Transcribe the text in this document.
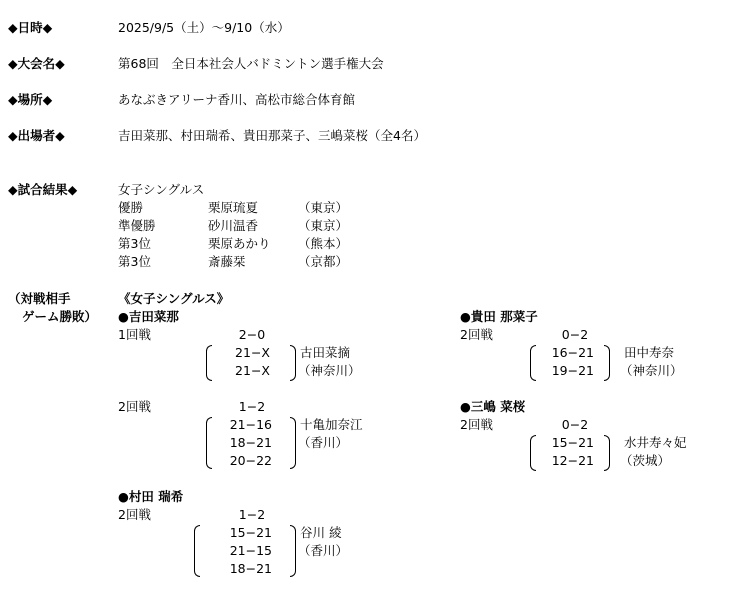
◆日時◆	2025/9/5（土）～9/10（水）
◆大会名◆	第68回　全日本社会人バドミントン選手権大会
◆場所◆	あなぶきアリーナ香川、高松市総合体育館
◆出場者◆	吉田菜那、村田瑞希、貴田那菜子、三嶋菜桜（全4名）
◆試合結果◆	女子シングルス
優勝	栗原琉夏	（東京）
準優勝	砂川温香	（東京）
第3位	栗原あかり （熊本）
第3位	斎藤栞	（京都）
（対戦相手
ゲーム勝敗）
《女子シングルス》
●吉田菜那
1回戦	2−0
21−X
21−X
古田菜摘
（神奈川）
2回戦	1−2
21−16
18−21
20−22
十亀加奈江
（香川）
●貴田 那菜子
2回戦	0−2
16−21
19−21
田中寿奈
（神奈川）
●三嶋 菜桜
2回戦	0−2
15−21
12−21
水井寿々妃
（茨城）
●村田 瑞希
2回戦	1−2
15−21
21−15
18−21
谷川 綾
（香川）
